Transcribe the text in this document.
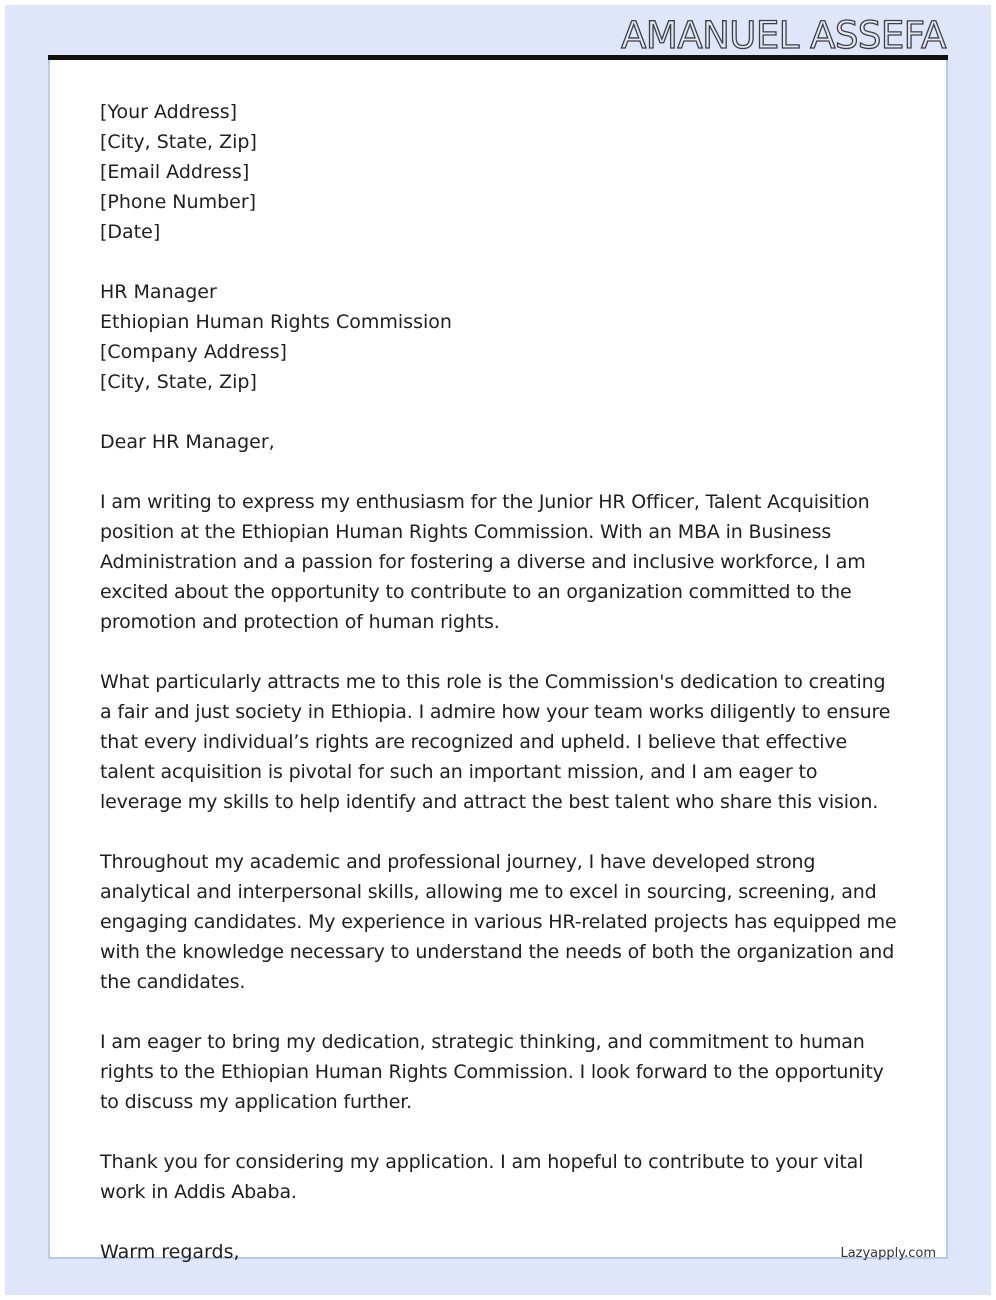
AMANUEL ASSEFA
[Your Address]
[City, State, Zip]
[Email Address]
[Phone Number]
[Date]
HR Manager
Ethiopian Human Rights Commission
[Company Address]
[City, State, Zip]
Dear HR Manager,
I am writing to express my enthusiasm for the Junior HR Officer, Talent Acquisition position at the Ethiopian Human Rights Commission. With an MBA in Business Administration and a passion for fostering a diverse and inclusive workforce, I am excited about the opportunity to contribute to an organization committed to the promotion and protection of human rights.
What particularly attracts me to this role is the Commission's dedication to creating a fair and just society in Ethiopia. I admire how your team works diligently to ensure that every individual’s rights are recognized and upheld. I believe that effective talent acquisition is pivotal for such an important mission, and I am eager to leverage my skills to help identify and attract the best talent who share this vision.
Throughout my academic and professional journey, I have developed strong analytical and interpersonal skills, allowing me to excel in sourcing, screening, and engaging candidates. My experience in various HR-related projects has equipped me with the knowledge necessary to understand the needs of both the organization and the candidates.
I am eager to bring my dedication, strategic thinking, and commitment to human rights to the Ethiopian Human Rights Commission. I look forward to the opportunity to discuss my application further.
Thank you for considering my application. I am hopeful to contribute to your vital work in Addis Ababa.
Warm regards,	Lazyapply.com
